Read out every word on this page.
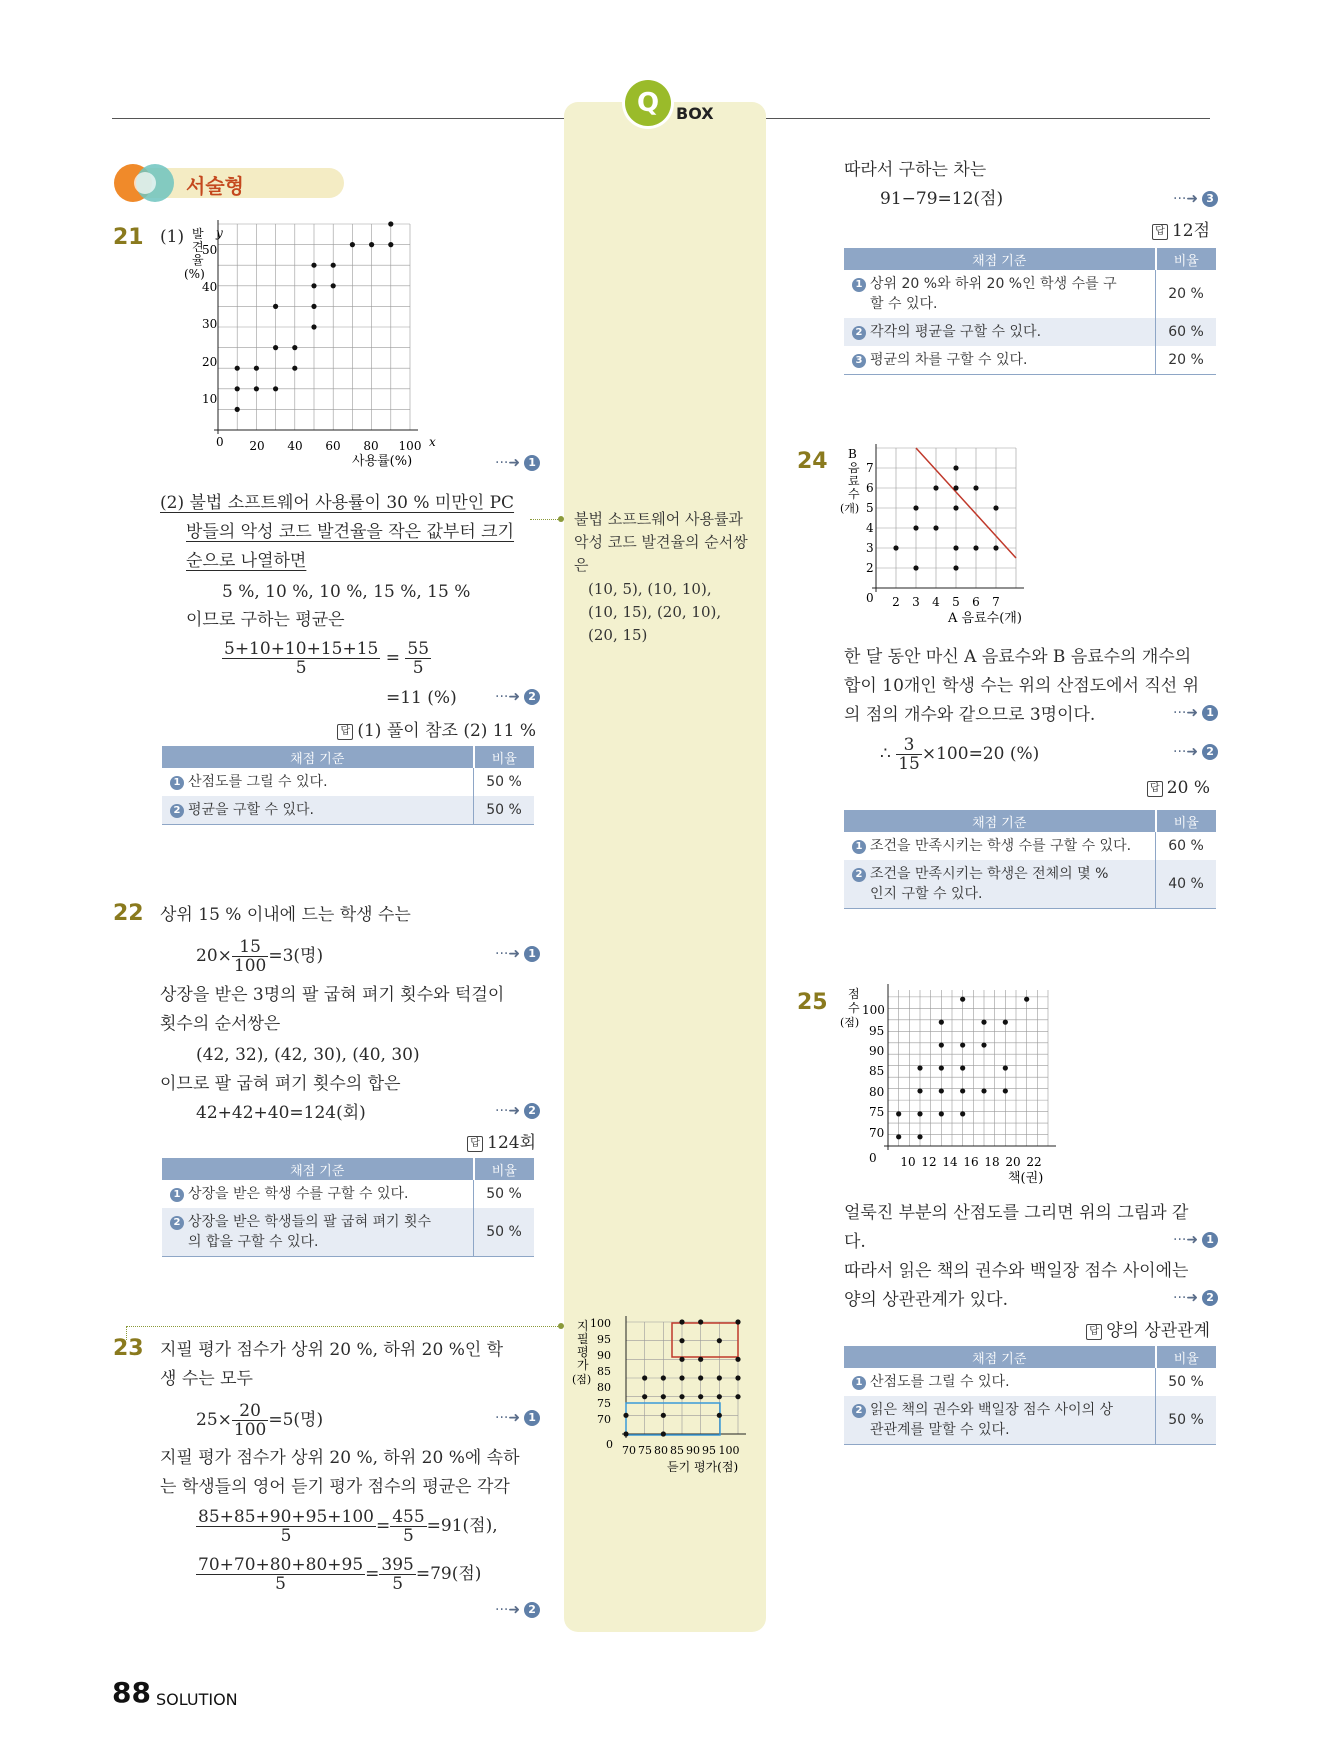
Q	BOX
서술형
21 (1)	y
x
0
사용률(%)
발
견
율
(%)
10
20
30
40
50
20 40 60 80 100
···➜ 1
(2) 불법 소프트웨어 사용률이 30 % 미만인 PC
방들의 악성 코드 발견율을 작은 값부터 크기
순으로 나열하면
5 %, 10 %, 10 %, 15 %, 15 %
이므로 구하는 평균은
$\frac{5+10+10+15+15}{5} = \frac{55}{5}$
=11 (%)	···➜ 2
답 (1) 풀이 참조 (2) 11 %
채점 기준	비율
1 산점도를 그릴 수 있다.	50 %
2 평균을 구할 수 있다.	50 %
불법 소프트웨어 사용률과
악성 코드 발견율의 순서쌍
은
(10, 5), (10, 10),
(10, 15), (20, 10),
(20, 15)
22 상위 15 % 이내에 드는 학생 수는
$20\times \frac{15}{100} =3$(명)	···➜ 1
상장을 받은 3명의 팔 굽혀 펴기 횟수와 턱걸이
횟수의 순서쌍은
(42, 32), (42, 30), (40, 30)
이므로 팔 굽혀 펴기 횟수의 합은
42+42+40=124(회)	···➜ 2
답 124회
채점 기준	비율
1 상장을 받은 학생 수를 구할 수 있다.	50 %
2 상장을 받은 학생들의 팔 굽혀 펴기 횟수
의 합을 구할 수 있다.	50 %
23 지필 평가 점수가 상위 20 %, 하위 20 %인 학
생 수는 모두
$25\times \frac{20}{100} =5$(명)	···➜ 1
지필 평가 점수가 상위 20 %, 하위 20 %에 속하
는 학생들의 영어 듣기 평가 점수의 평균은 각각
$\frac{85+85+90+95+100}{5} = \frac{455}{5} =91$(점),
$\frac{70+70+80+80+95}{5} = \frac{395}{5} =79$(점)
···➜ 2
지
필
평
가
(점)
100
95
90
85
80
75
70
0 70 75 80 85 90 95 100
듣기 평가(점)
따라서 구하는 차는
91−79=12(점)	···➜ 3
답 12점
채점 기준	비율
1 상위 20 %와 하위 20 %인 학생 수를 구
할 수 있다.	20 %
2 각각의 평균을 구할 수 있다.	60 %
3 평균의 차를 구할 수 있다.	20 %
24 B
음
료
수
(개)
7
6
5
4
3
2
0 2 3 4 5 6 7
A 음료수(개)
한 달 동안 마신 A 음료수와 B 음료수의 개수의
합이 10개인 학생 수는 위의 산점도에서 직선 위
의 점의 개수와 같으므로 3명이다.	···➜ 1
∴ $\frac{3}{15} \times 100=20$ (%)	···➜ 2
답 20 %
채점 기준	비율
1 조건을 만족시키는 학생 수를 구할 수 있다.	60 %
2 조건을 만족시키는 학생은 전체의 몇 %
인지 구할 수 있다.	40 %
25 점
수
(점)
100
95
90
85
80
75
70
0 10 12 14 16 18 20 22
책(권)
얼룩진 부분의 산점도를 그리면 위의 그림과 같
다.	···➜ 1
따라서 읽은 책의 권수와 백일장 점수 사이에는
양의 상관관계가 있다.	···➜ 2
답 양의 상관관계
채점 기준	비율
1 산점도를 그릴 수 있다.	50 %
2 읽은 책의 권수와 백일장 점수 사이의 상
관관계를 말할 수 있다.	50 %
88 SOLUTION
